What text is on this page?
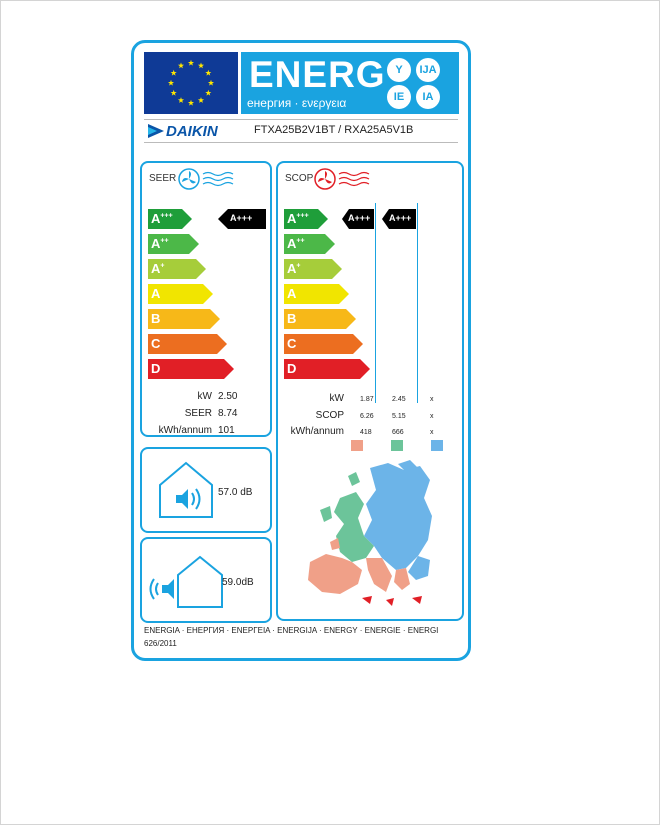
ENERG
енергия · ενεργεια
Y	IJA
IE	IA
DAIKIN	FTXA25B2V1BT / RXA25A5V1B
SEER
A+++
A++
A+
A
B
C
D
A+++
kW 2.50
SEER 8.74
kWh/annum 101
SCOP
A+++
A++
A+
A
B
C
D
A+++ A+++
kW 1.87	2.45	x
SCOP 6.26	5.15	x
kWh/annum 418	666	x
57.0 dB
59.0dB
ENERGIA · ЕНЕРГИЯ · ΕΝΕΡΓΕΙΑ · ENERGIJA · ENERGY · ENERGIE · ENERGI
626/2011
